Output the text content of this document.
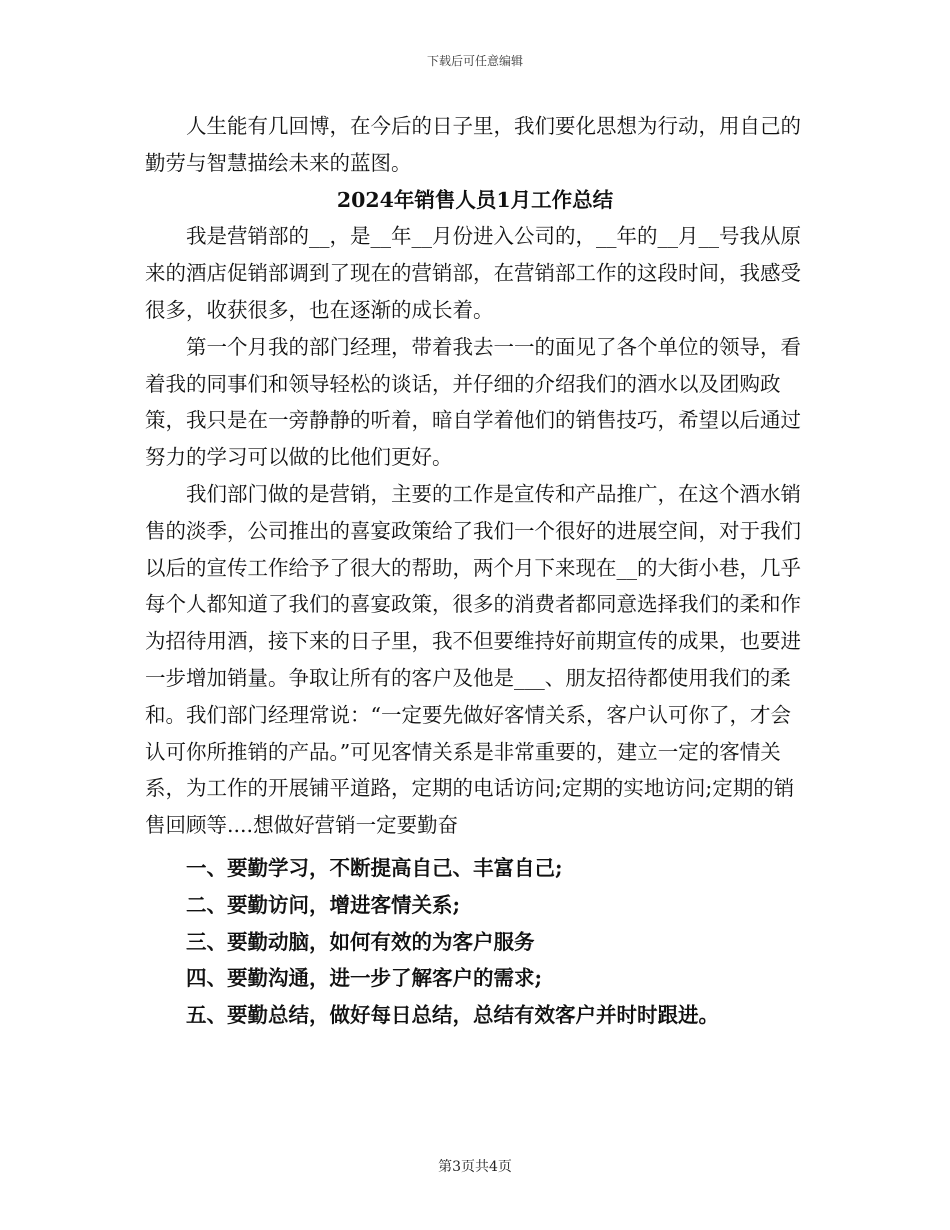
下载后可任意编辑

人生能有几回博，在今后的日子里，我们要化思想为行动，用自己的勤劳与智慧描绘未来的蓝图。

2024年销售人员1月工作总结

我是营销部的__，是__年__月份进入公司的，__年的__月__号我从原来的酒店促销部调到了现在的营销部，在营销部工作的这段时间，我感受很多，收获很多，也在逐渐的成长着。

第一个月我的部门经理，带着我去一一的面见了各个单位的领导，看着我的同事们和领导轻松的谈话，并仔细的介绍我们的酒水以及团购政策，我只是在一旁静静的听着，暗自学着他们的销售技巧，希望以后通过努力的学习可以做的比他们更好。

我们部门做的是营销，主要的工作是宣传和产品推广，在这个酒水销售的淡季，公司推出的喜宴政策给了我们一个很好的进展空间，对于我们以后的宣传工作给予了很大的帮助，两个月下来现在__的大街小巷，几乎每个人都知道了我们的喜宴政策，很多的消费者都同意选择我们的柔和作为招待用酒，接下来的日子里，我不但要维持好前期宣传的成果，也要进一步增加销量。争取让所有的客户及他是___、朋友招待都使用我们的柔和。我们部门经理常说：“一定要先做好客情关系，客户认可你了，才会认可你所推销的产品。”可见客情关系是非常重要的，建立一定的客情关系，为工作的开展铺平道路，定期的电话访问;定期的实地访问;定期的销售回顾等....想做好营销一定要勤奋

一、要勤学习，不断提高自己、丰富自己;

二、要勤访问，增进客情关系;

三、要勤动脑，如何有效的为客户服务

四、要勤沟通，进一步了解客户的需求;

五、要勤总结，做好每日总结，总结有效客户并时时跟进。

第3页共4页
